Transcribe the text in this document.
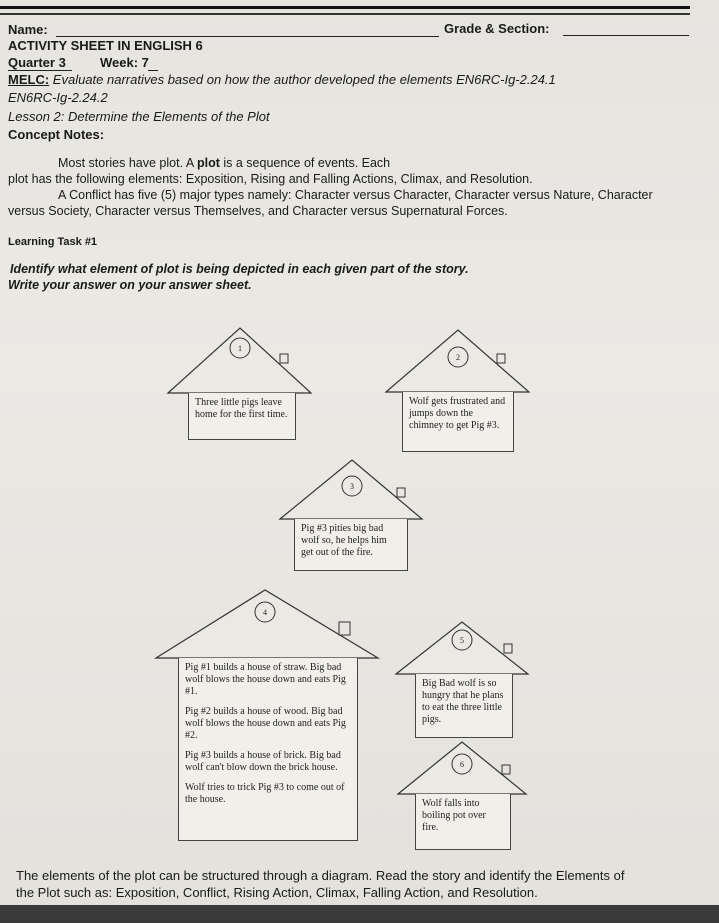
Name:	Grade & Section:
ACTIVITY SHEET IN ENGLISH 6
Quarter 3	Week: 7
MELC: Evaluate narratives based on how the author developed the elements EN6RC-Ig-2.24.1
EN6RC-Ig-2.24.2
Lesson 2: Determine the Elements of the Plot
Concept Notes:
Most stories have plot. A plot is a sequence of events. Each
plot has the following elements: Exposition, Rising and Falling Actions, Climax, and Resolution.
A Conflict has five (5) major types namely: Character versus Character, Character versus Nature, Character
versus Society, Character versus Themselves, and Character versus Supernatural Forces.
Learning Task #1
Identify what element of plot is being depicted in each given part of the story.
Write your answer on your answer sheet.
1
Three little pigs leave home for the first time.
2
Wolf gets frustrated and jumps down the chimney to get Pig #3.
3
Pig #3 pities big bad wolf so, he helps him get out of the fire.
4

Pig #1 builds a house of straw. Big bad wolf blows the house down and eats Pig #1.

Pig #2 builds a house of wood. Big bad wolf blows the house down and eats Pig #2.

Pig #3 builds a house of brick. Big bad wolf can't blow down the brick house.

Wolf tries to trick Pig #3 to come out of the house.

5
Big Bad wolf is so hungry that he plans to eat the three little pigs.
6
Wolf falls into boiling pot over fire.
The elements of the plot can be structured through a diagram. Read the story and identify the Elements of
the Plot such as: Exposition, Conflict, Rising Action, Climax, Falling Action, and Resolution.
